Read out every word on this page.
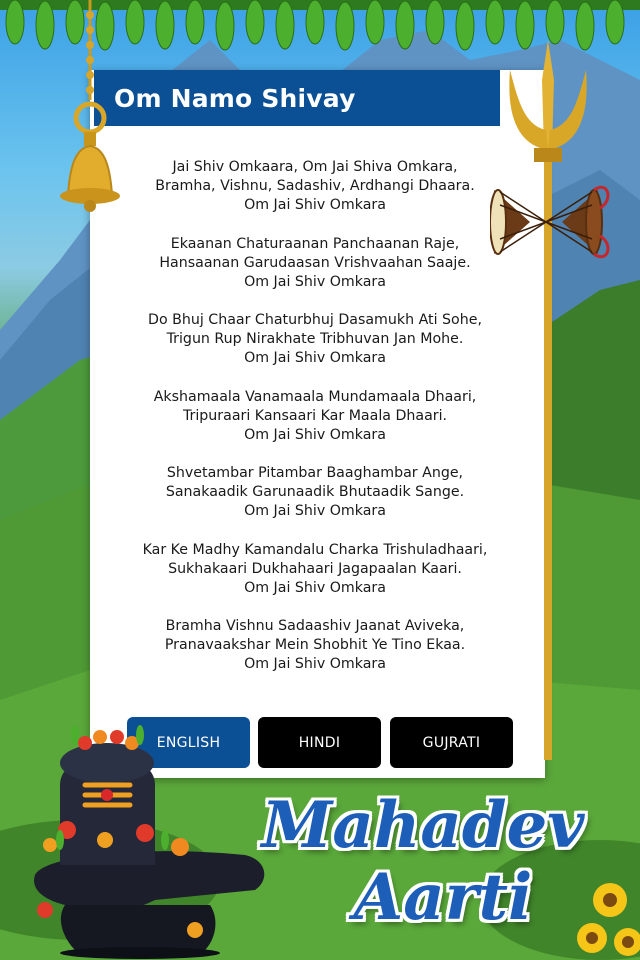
Om Namo Shivay
Jai Shiv Omkaara, Om Jai Shiva Omkara,
Bramha, Vishnu, Sadashiv, Ardhangi Dhaara.
Om Jai Shiv Omkara
Ekaanan Chaturaanan Panchaanan Raje,
Hansaanan Garudaasan Vrishvaahan Saaje.
Om Jai Shiv Omkara
Do Bhuj Chaar Chaturbhuj Dasamukh Ati Sohe,
Trigun Rup Nirakhate Tribhuvan Jan Mohe.
Om Jai Shiv Omkara
Akshamaala Vanamaala Mundamaala Dhaari,
Tripuraari Kansaari Kar Maala Dhaari.
Om Jai Shiv Omkara
Shvetambar Pitambar Baaghambar Ange,
Sanakaadik Garunaadik Bhutaadik Sange.
Om Jai Shiv Omkara
Kar Ke Madhy Kamandalu Charka Trishuladhaari,
Sukhakaari Dukhahaari Jagapaalan Kaari.
Om Jai Shiv Omkara
Bramha Vishnu Sadaashiv Jaanat Aviveka,
Pranavaakshar Mein Shobhit Ye Tino Ekaa.
Om Jai Shiv Omkara
ENGLISH	HINDI	GUJRATI
Mahadev
Aarti
